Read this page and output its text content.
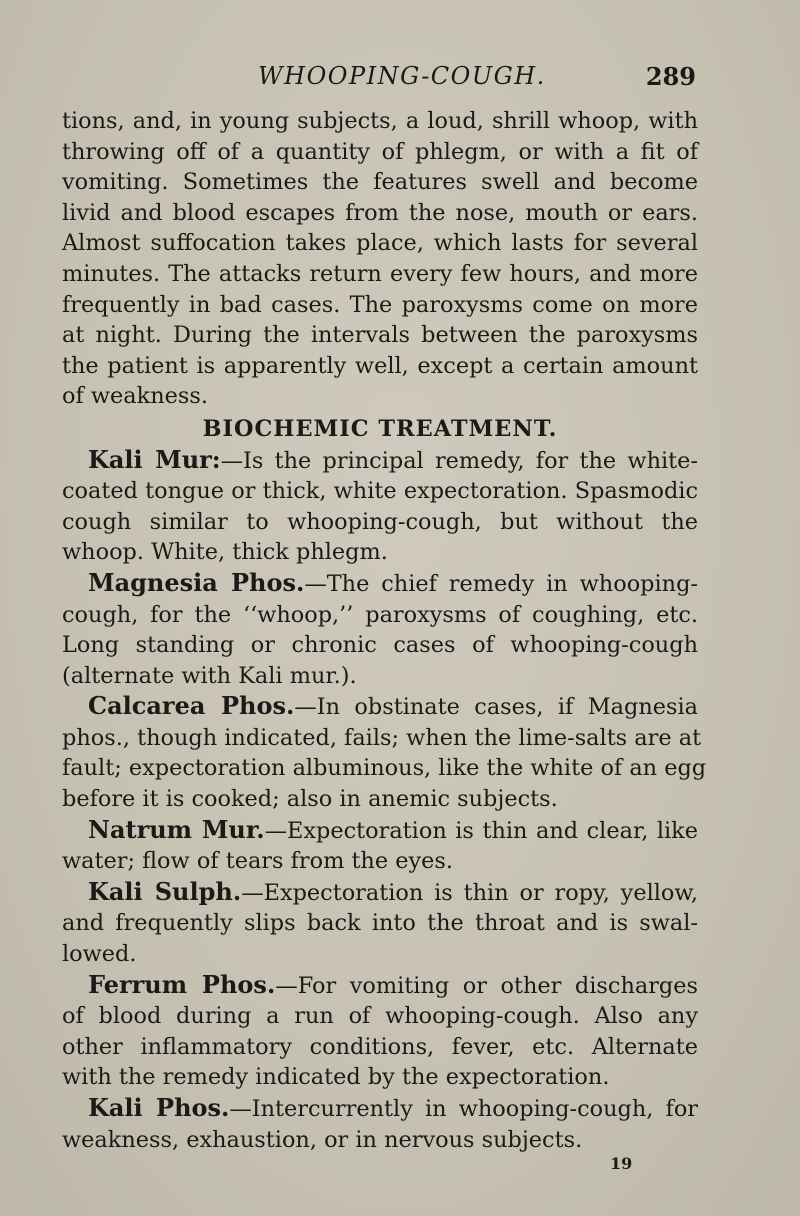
WHOOPING-COUGH.	289

tions, and, in young subjects, a loud, shrill whoop, with
throwing off of a quantity of phlegm, or with a fit of
vomiting. Sometimes the features swell and become
livid and blood escapes from the nose, mouth or ears.
Almost suffocation takes place, which lasts for several
minutes. The attacks return every few hours, and more
frequently in bad cases. The paroxysms come on more
at night. During the intervals between the paroxysms
the patient is apparently well, except a certain amount
of weakness.

BIOCHEMIC TREATMENT.

Kali Mur:—Is the principal remedy, for the white-
coated tongue or thick, white expectoration. Spasmodic
cough similar to whooping-cough, but without the
whoop. White, thick phlegm.

Magnesia Phos.—The chief remedy in whooping-
cough, for the ‘‘whoop,’’ paroxysms of coughing, etc.
Long standing or chronic cases of whooping-cough
(alternate with Kali mur.).

Calcarea Phos.—In obstinate cases, if Magnesia
phos., though indicated, fails; when the lime-salts are at
fault; expectoration albuminous, like the white of an egg
before it is cooked; also in anemic subjects.

Natrum Mur.—Expectoration is thin and clear, like
water; flow of tears from the eyes.

Kali Sulph.—Expectoration is thin or ropy, yellow,
and frequently slips back into the throat and is swal-
lowed.

Ferrum Phos.—For vomiting or other discharges
of blood during a run of whooping-cough. Also any
other inflammatory conditions, fever, etc. Alternate
with the remedy indicated by the expectoration.

Kali Phos.—Intercurrently in whooping-cough, for
weakness, exhaustion, or in nervous subjects.

19
